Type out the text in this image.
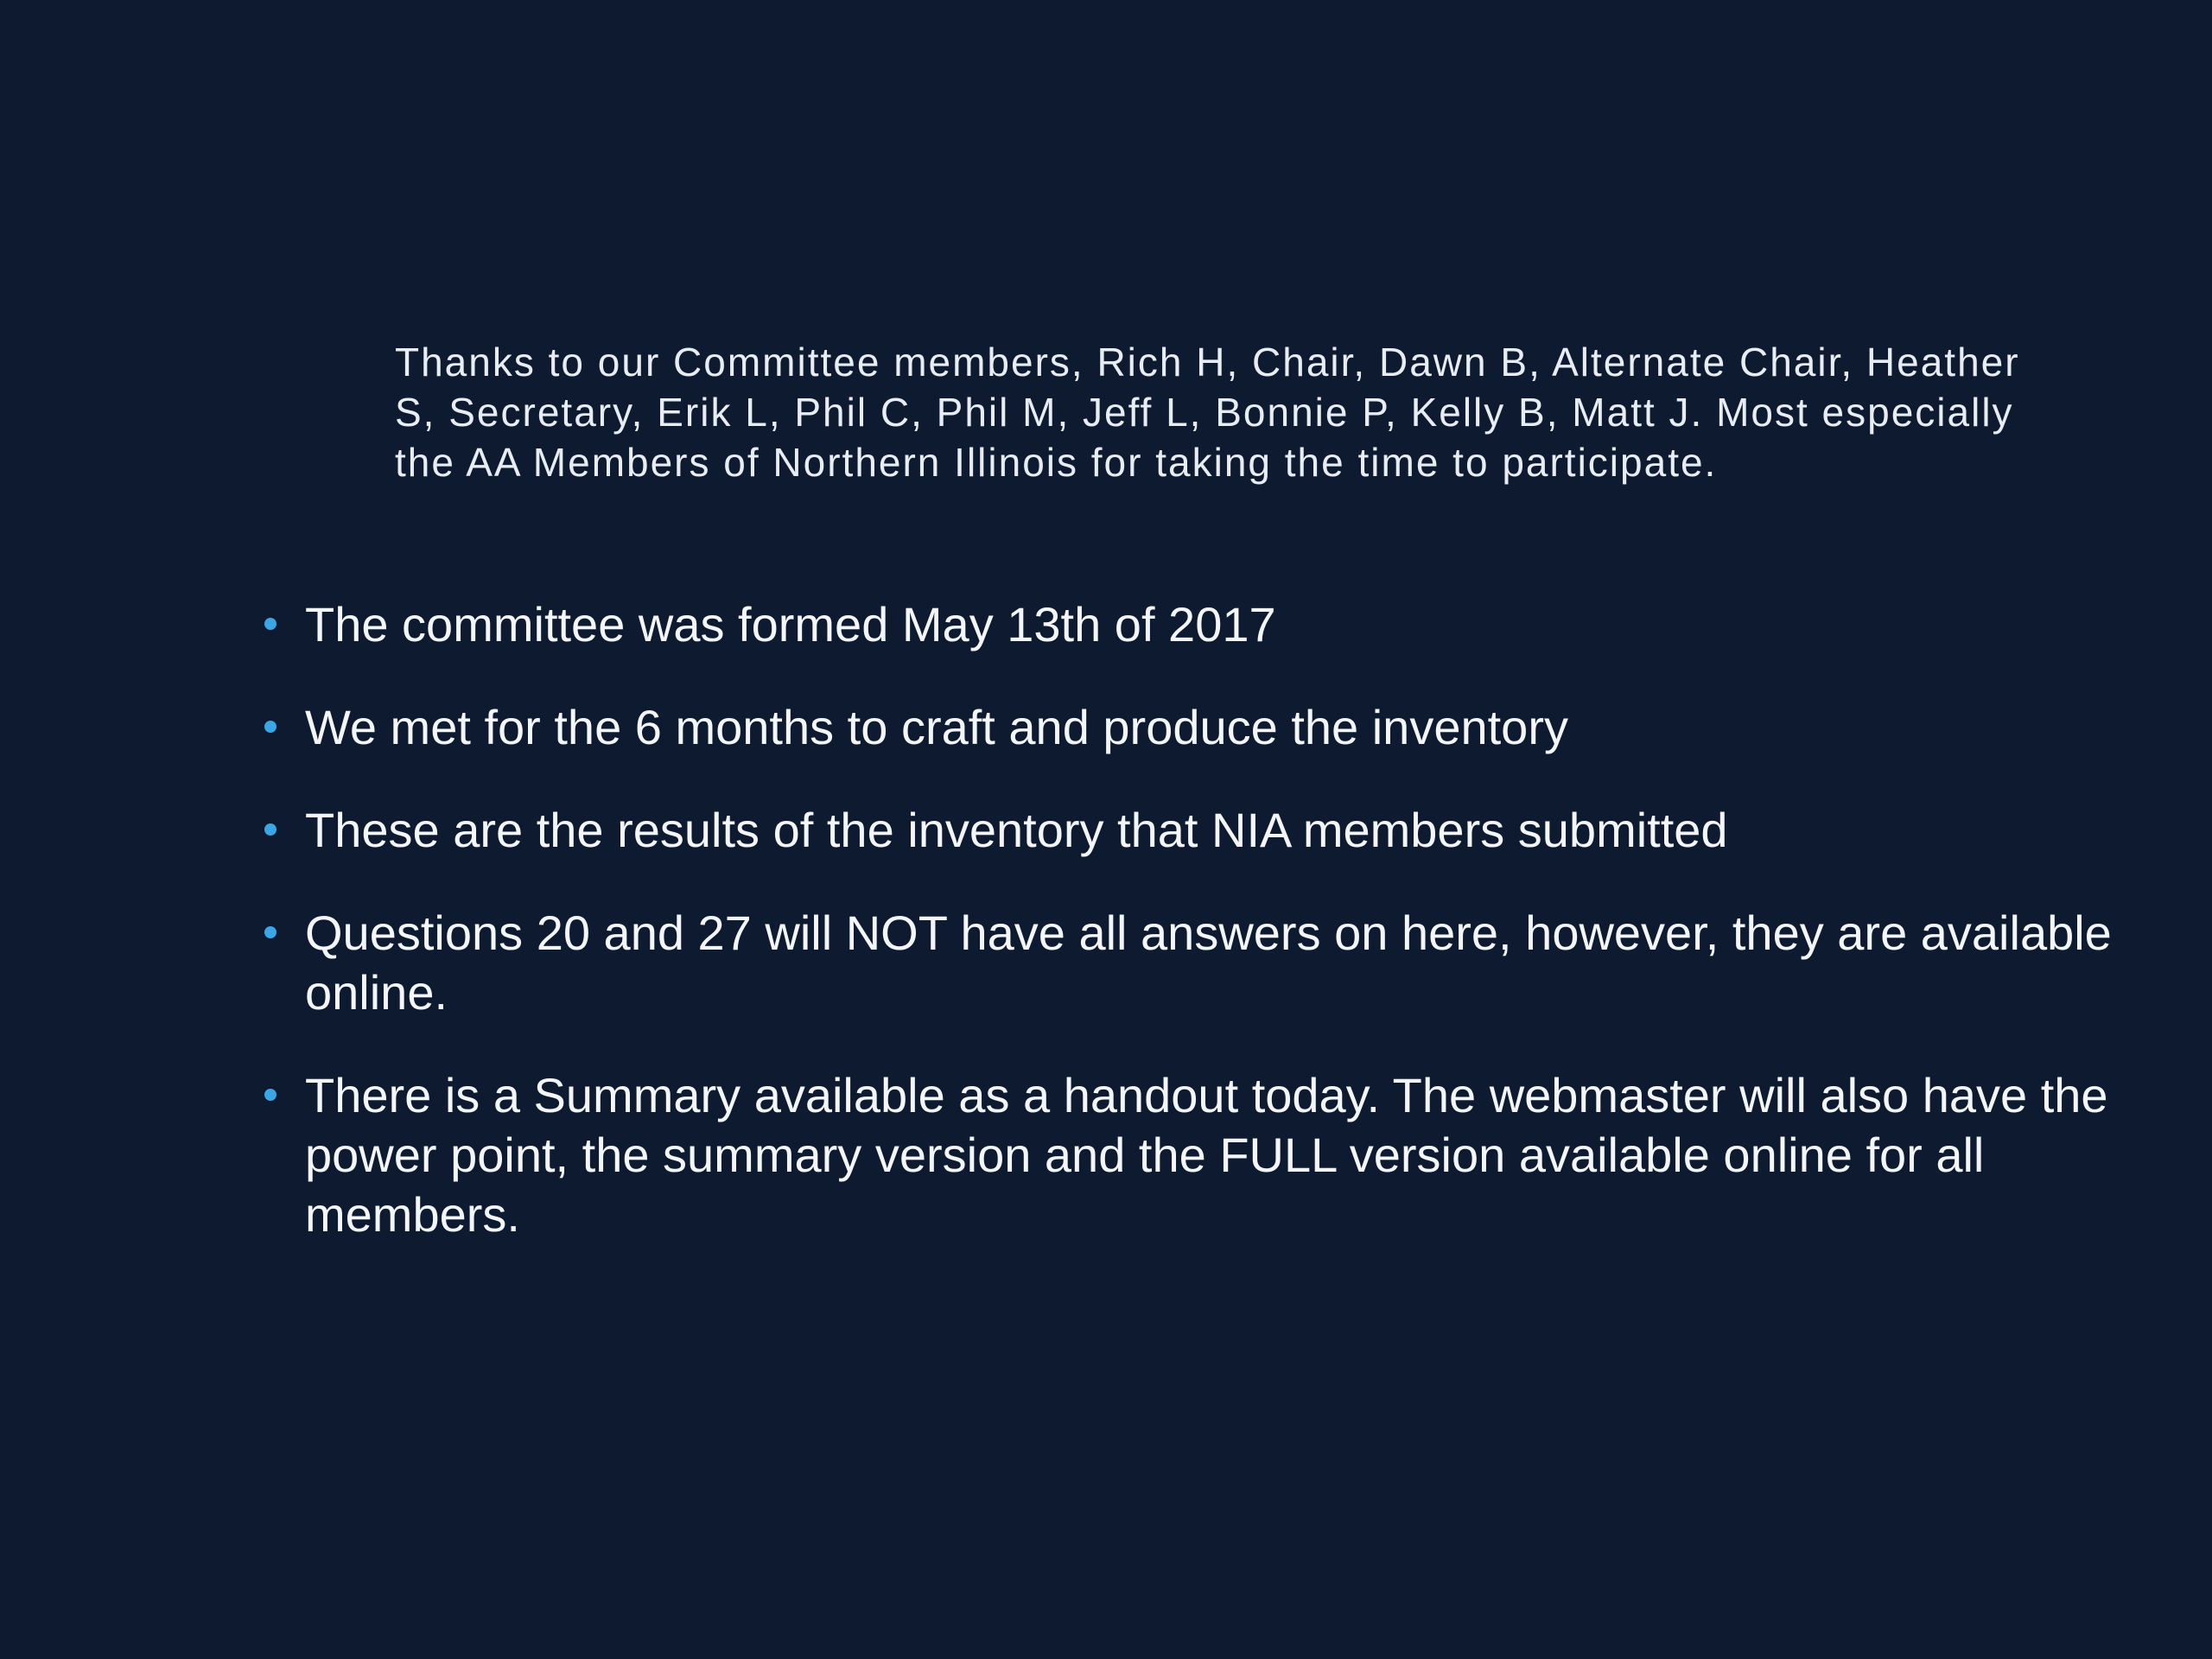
Thanks to our Committee members, Rich H, Chair, Dawn B, Alternate Chair, Heather S, Secretary, Erik L, Phil C, Phil M, Jeff L, Bonnie P, Kelly B, Matt J. Most especially the AA Members of Northern Illinois for taking the time to participate.

The committee was formed May 13th of 2017
We met for the 6 months to craft and produce the inventory
These are the results of the inventory that NIA members submitted
Questions 20 and 27 will NOT have all answers on here, however, they are available online.
There is a Summary available as a handout today. The webmaster will also have the power point, the summary version and the FULL version available online for all members.
